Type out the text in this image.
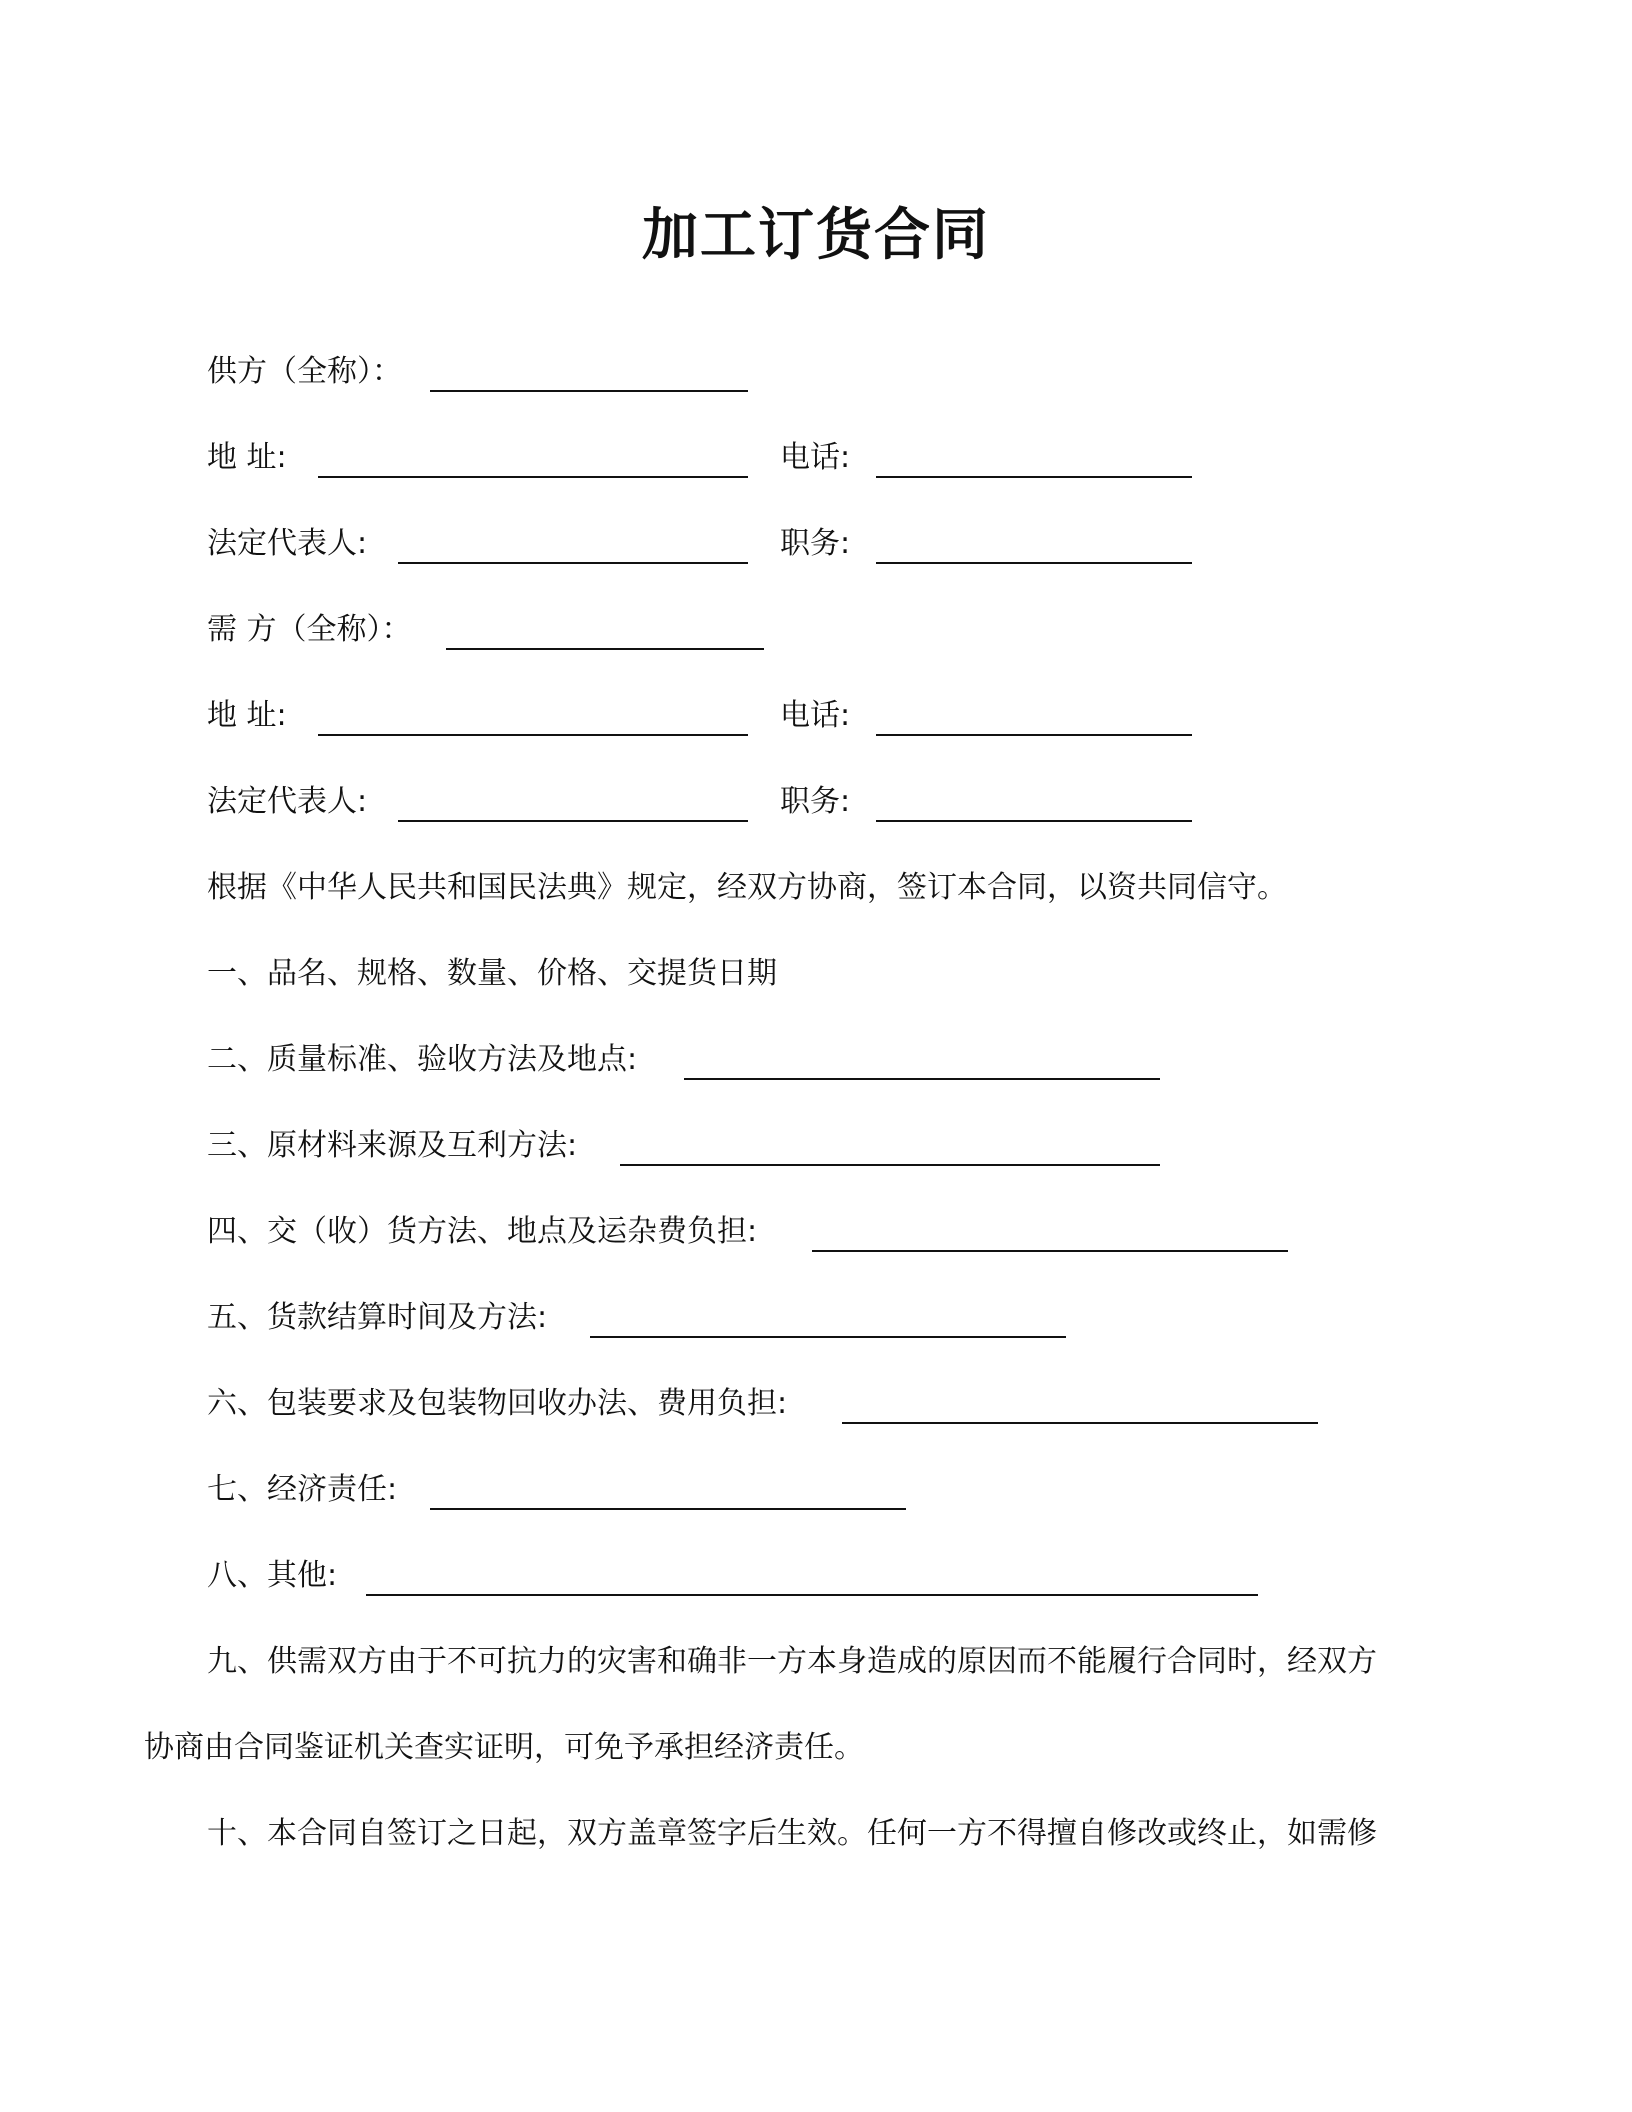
加工订货合同
供方（全称）：
地 址:	电话:
法定代表人:	职务:
需 方（全称）：
地 址:	电话:
法定代表人:	职务:
根据《中华人民共和国民法典》规定，经双方协商，签订本合同，以资共同信守。
一、品名、规格、数量、价格、交提货日期
二、质量标准、验收方法及地点:
三、原材料来源及互利方法:
四、交（收）货方法、地点及运杂费负担:
五、货款结算时间及方法:
六、包装要求及包装物回收办法、费用负担:
七、经济责任:
八、其他:
九、供需双方由于不可抗力的灾害和确非一方本身造成的原因而不能履行合同时，经双方
协商由合同鉴证机关查实证明，可免予承担经济责任。
十、本合同自签订之日起，双方盖章签字后生效。任何一方不得擅自修改或终止，如需修
